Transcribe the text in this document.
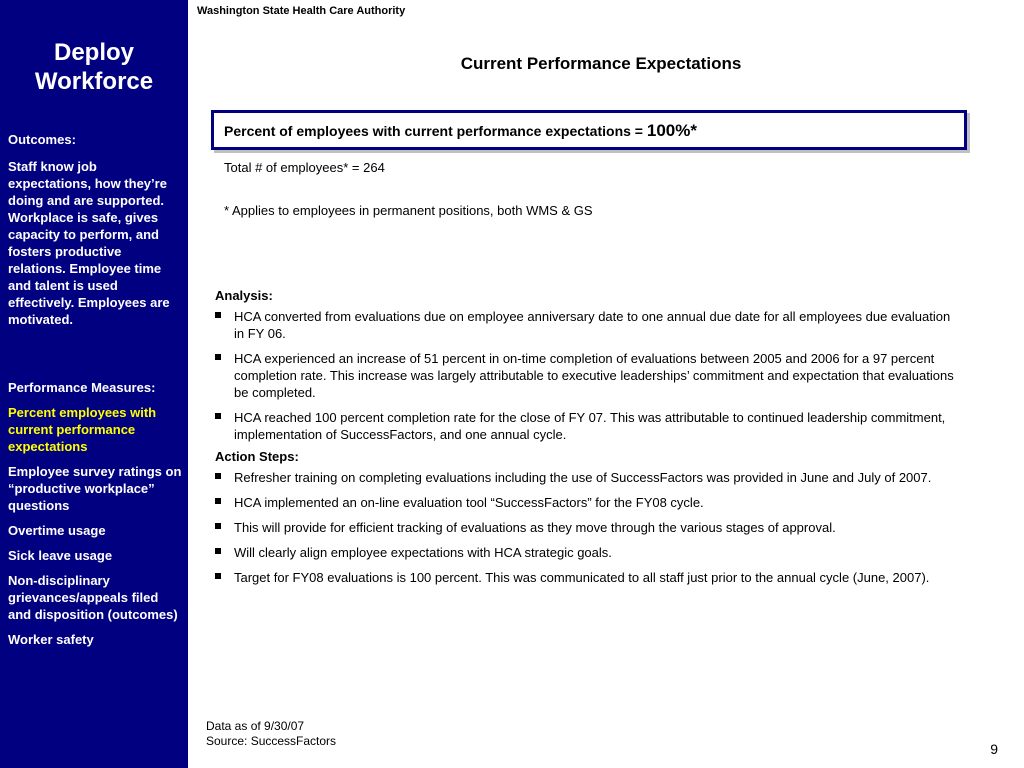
Deploy
Workforce

Outcomes:

Staff know job expectations, how they’re doing and are supported. Workplace is safe, gives capacity to perform, and fosters productive relations. Employee time and talent is used effectively. Employees are motivated.

Performance Measures:

Percent employees with current performance expectations

Employee survey ratings on “productive workplace” questions

Overtime usage

Sick leave usage

Non-disciplinary grievances/appeals filed and disposition (outcomes)

Worker safety

Washington State Health Care Authority
Current Performance Expectations
Percent of employees with current performance expectations = 100%*
Total # of employees* = 264
* Applies to employees in permanent positions, both WMS & GS
Analysis:
HCA converted from evaluations due on employee anniversary date to one annual due date for all employees due evaluation in FY 06.
HCA experienced an increase of 51 percent in on-time completion of evaluations between 2005 and 2006 for a 97 percent completion rate. This increase was largely attributable to executive leaderships’ commitment and expectation that evaluations be completed.
HCA reached 100 percent completion rate for the close of FY 07. This was attributable to continued leadership commitment, implementation of SuccessFactors, and one annual cycle.
Action Steps:
Refresher training on completing evaluations including the use of SuccessFactors was provided in June and July of 2007.
HCA implemented an on-line evaluation tool “SuccessFactors” for the FY08 cycle.
This will provide for efficient tracking of evaluations as they move through the various stages of approval.
Will clearly align employee expectations with HCA strategic goals.
Target for FY08 evaluations is 100 percent. This was communicated to all staff just prior to the annual cycle (June, 2007).
Data as of 9/30/07
Source: SuccessFactors	9
